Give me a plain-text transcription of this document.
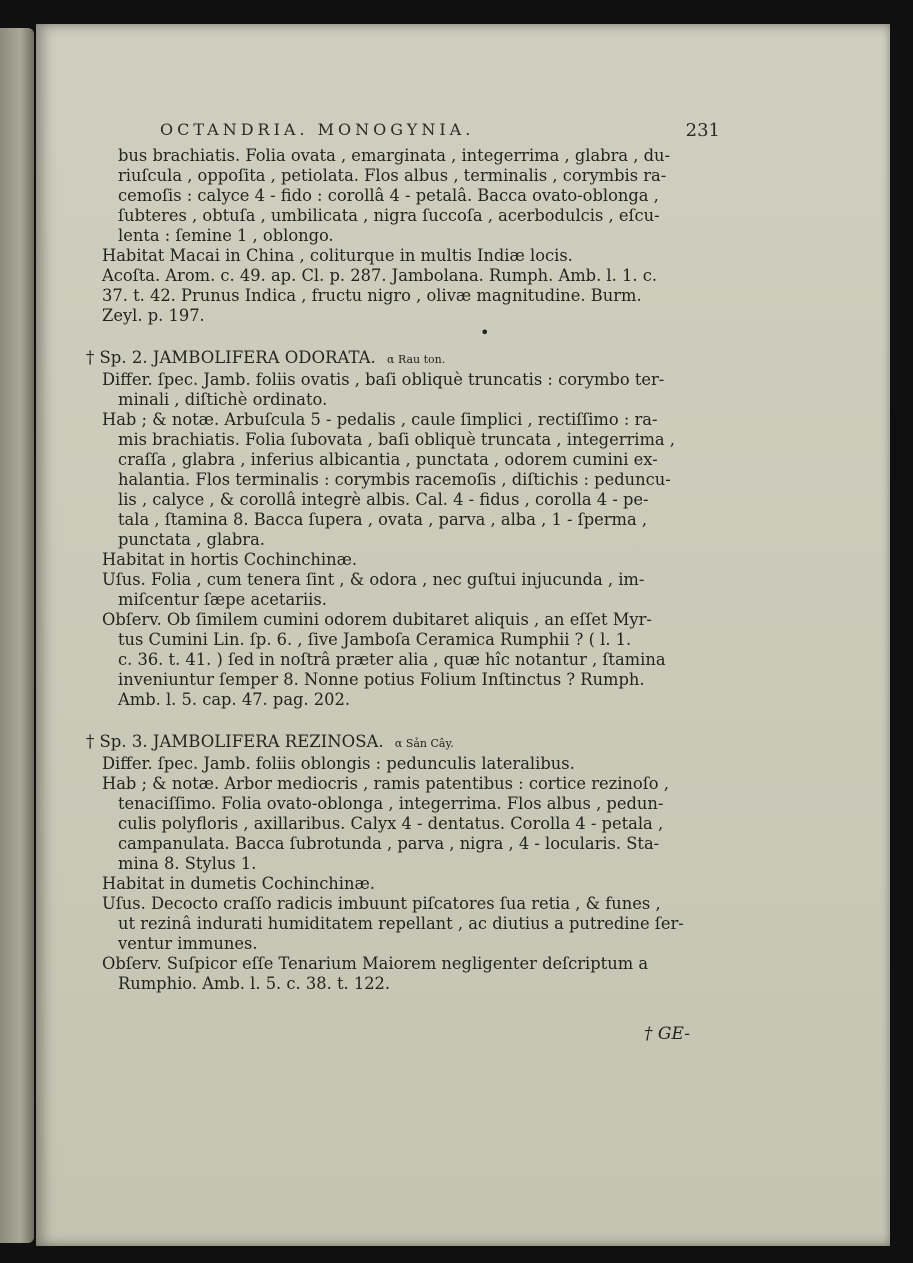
OCTANDRIA. MONOGYNIA.	231

bus brachiatis. Folia ovata , emarginata , integerrima , glabra , du-

riuſcula , oppoſita , petiolata. Flos albus , terminalis , corymbis ra-

cemoſis : calyce 4 - fido : corollâ 4 - petalâ. Bacca ovato-oblonga ,

ſubteres , obtuſa , umbilicata , nigra ſuccoſa , acerbodulcis , eſcu-

lenta : ſemine 1 , oblongo.

Habitat Macai in China , coliturque in multis Indiæ locis.

Acoſta. Arom. c. 49. ap. Cl. p. 287. Jambolana. Rumph. Amb. l. 1. c.

37. t. 42. Prunus Indica , fructu nigro , olivæ magnitudine. Burm.

Zeyl. p. 197.

† Sp. 2. JAMBOLIFERA ODORATA. α Rau ton.

Differ. ſpec. Jamb. foliis ovatis , baſi obliquè truncatis : corymbo ter-

minali , diſtichè ordinato.

Hab ; & notæ. Arbuſcula 5 - pedalis , caule ſimplici , rectiſſimo : ra-

mis brachiatis. Folia ſubovata , baſi obliquè truncata , integerrima ,

craſſa , glabra , inferius albicantia , punctata , odorem cumini ex-

halantia. Flos terminalis : corymbis racemoſis , diſtichis : peduncu-

lis , calyce , & corollâ integrè albis. Cal. 4 - fidus , corolla 4 - pe-

tala , ſtamina 8. Bacca ſupera , ovata , parva , alba , 1 - ſperma ,

punctata , glabra.

Habitat in hortis Cochinchinæ.

Uſus. Folia , cum tenera ſint , & odora , nec guſtui injucunda , im-

miſcentur ſæpe acetariis.

Obſerv. Ob ſimilem cumini odorem dubitaret aliquis , an eſſet Myr-

tus Cumini Lin. ſp. 6. , ſive Jamboſa Ceramica Rumphii ? ( l. 1.

c. 36. t. 41. ) ſed in noſtrâ præter alia , quæ hîc notantur , ſtamina

inveniuntur ſemper 8. Nonne potius Folium Inſtinctus ? Rumph.

Amb. l. 5. cap. 47. pag. 202.

† Sp. 3. JAMBOLIFERA REZINOSA. α Sản Cây.

Differ. ſpec. Jamb. foliis oblongis : pedunculis lateralibus.

Hab ; & notæ. Arbor mediocris , ramis patentibus : cortice rezinoſo ,

tenaciſſimo. Folia ovato-oblonga , integerrima. Flos albus , pedun-

culis polyfloris , axillaribus. Calyx 4 - dentatus. Corolla 4 - petala ,

campanulata. Bacca ſubrotunda , parva , nigra , 4 - locularis. Sta-

mina 8. Stylus 1.

Habitat in dumetis Cochinchinæ.

Uſus. Decocto craſſo radicis imbuunt piſcatores ſua retia , & funes ,

ut rezinâ indurati humiditatem repellant , ac diutius a putredine ſer-

ventur immunes.

Obſerv. Suſpicor eſſe Tenarium Maiorem negligenter deſcriptum a

Rumphio. Amb. l. 5. c. 38. t. 122.

•
† GE-
